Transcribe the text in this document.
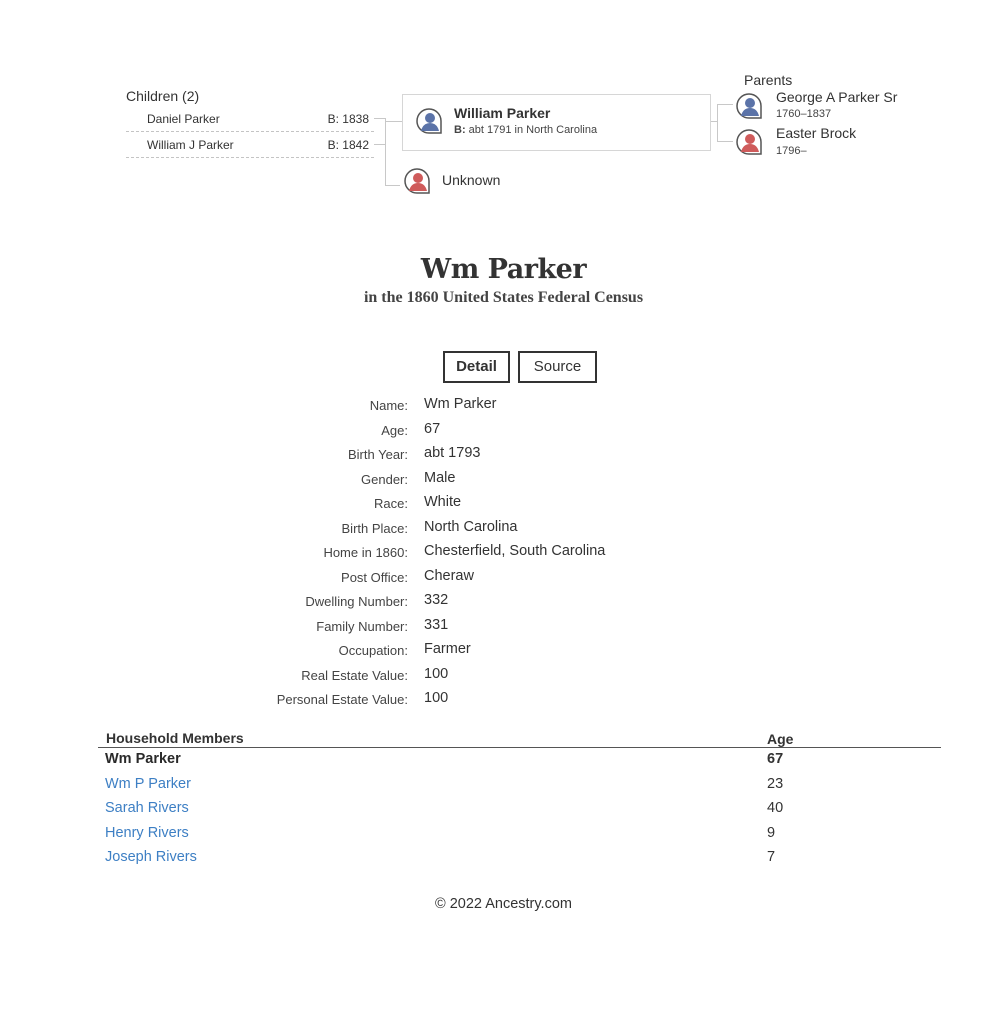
Children (2)
Daniel Parker	B: 1838
William J Parker	B: 1842
William Parker
B: abt 1791 in North Carolina
Unknown
Parents
George A Parker Sr
1760–1837
Easter Brock
1796–
Wm Parker
in the 1860 United States Federal Census
Detail	Source
Name: Wm Parker
Age: 67
Birth Year: abt 1793
Gender: Male
Race: White
Birth Place: North Carolina
Home in 1860: Chesterfield, South Carolina
Post Office: Cheraw
Dwelling Number: 332
Family Number: 331
Occupation: Farmer
Real Estate Value: 100
Personal Estate Value: 100
Household Members	Age
Wm Parker	67
Wm P Parker	23
Sarah Rivers	40
Henry Rivers	9
Joseph Rivers	7
© 2022 Ancestry.com
